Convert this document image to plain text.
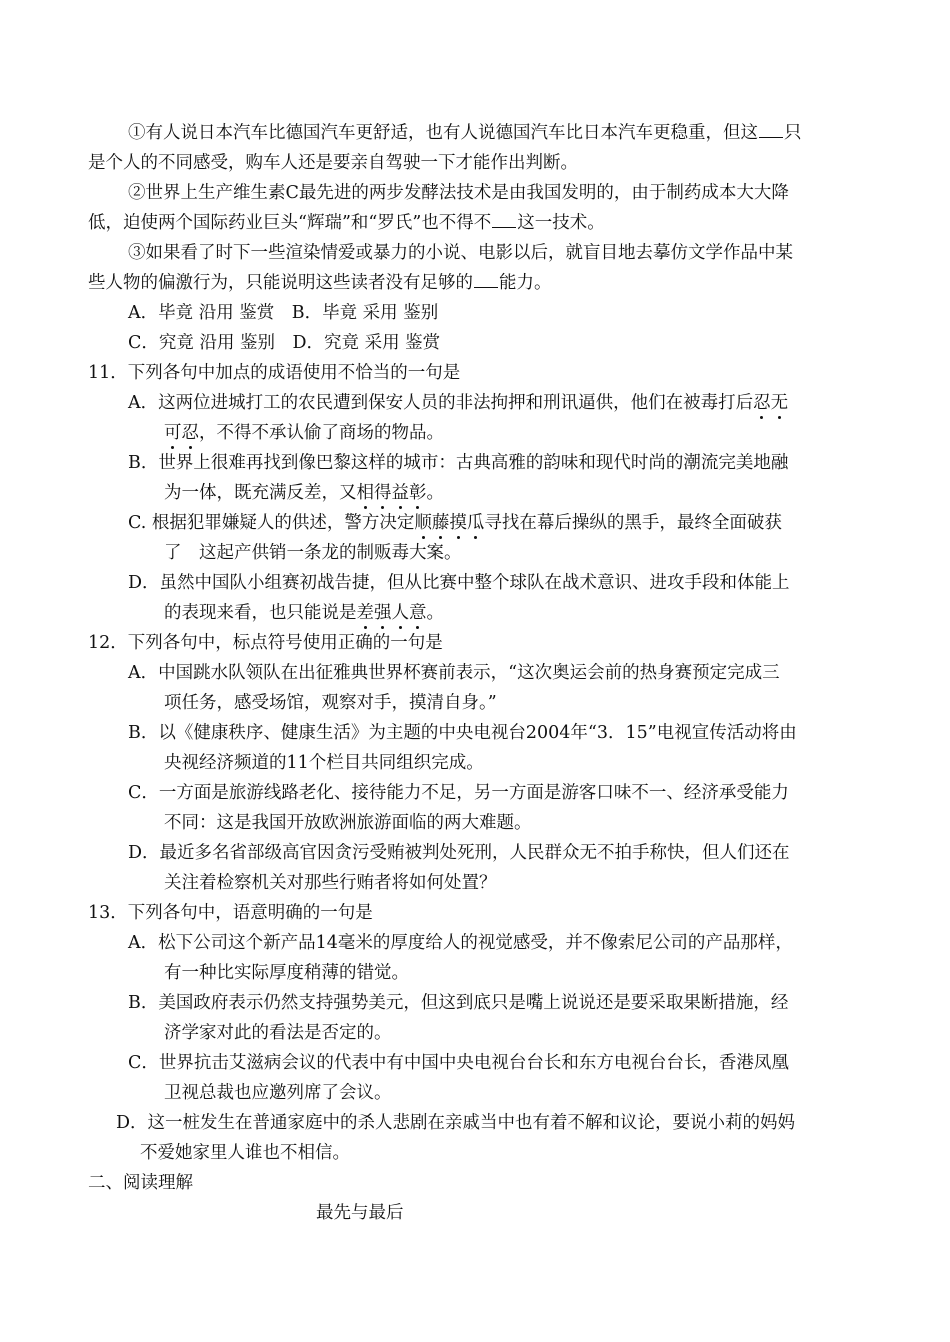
①有人说日本汽车比德国汽车更舒适，也有人说德国汽车比日本汽车更稳重，但这 只

是个人的不同感受，购车人还是要亲自驾驶一下才能作出判断。

②世界上生产维生素C最先进的两步发酵法技术是由我国发明的，由于制药成本大大降

低，迫使两个国际药业巨头“辉瑞”和“罗氏”也不得不 这一技术。

③如果看了时下一些渲染情爱或暴力的小说、电影以后，就盲目地去摹仿文学作品中某

些人物的偏激行为，只能说明这些读者没有足够的 能力。

A．毕竟 沿用 鉴赏　B．毕竟 采用 鉴别

C．究竟 沿用 鉴别　D．究竟 采用 鉴赏

11．下列各句中加点的成语使用不恰当的一句是

A．这两位进城打工的农民遭到保安人员的非法拘押和刑讯逼供，他们在被毒打后忍无

可忍，不得不承认偷了商场的物品。

B．世界上很难再找到像巴黎这样的城市：古典高雅的韵味和现代时尚的潮流完美地融

为一体，既充满反差，又相得益彰。

C. 根据犯罪嫌疑人的供述，警方决定顺藤摸瓜寻找在幕后操纵的黑手，最终全面破获

了　这起产供销一条龙的制贩毒大案。

D．虽然中国队小组赛初战告捷，但从比赛中整个球队在战术意识、进攻手段和体能上

的表现来看，也只能说是差强人意。

12．下列各句中，标点符号使用正确的一句是

A．中国跳水队领队在出征雅典世界杯赛前表示，“这次奥运会前的热身赛预定完成三

项任务，感受场馆，观察对手，摸清自身。”

B．以《健康秩序、健康生活》为主题的中央电视台2004年“3．15”电视宣传活动将由

央视经济频道的11个栏目共同组织完成。

C．一方面是旅游线路老化、接待能力不足，另一方面是游客口味不一、经济承受能力

不同：这是我国开放欧洲旅游面临的两大难题。

D．最近多名省部级高官因贪污受贿被判处死刑，人民群众无不拍手称快，但人们还在

关注着检察机关对那些行贿者将如何处置？

13．下列各句中，语意明确的一句是

A．松下公司这个新产品14毫米的厚度给人的视觉感受，并不像索尼公司的产品那样，

有一种比实际厚度稍薄的错觉。

B．美国政府表示仍然支持强势美元，但这到底只是嘴上说说还是要采取果断措施，经

济学家对此的看法是否定的。

C．世界抗击艾滋病会议的代表中有中国中央电视台台长和东方电视台台长，香港凤凰

卫视总裁也应邀列席了会议。

D．这一桩发生在普通家庭中的杀人悲剧在亲戚当中也有着不解和议论，要说小莉的妈妈

不爱她家里人谁也不相信。

二、阅读理解

最先与最后
